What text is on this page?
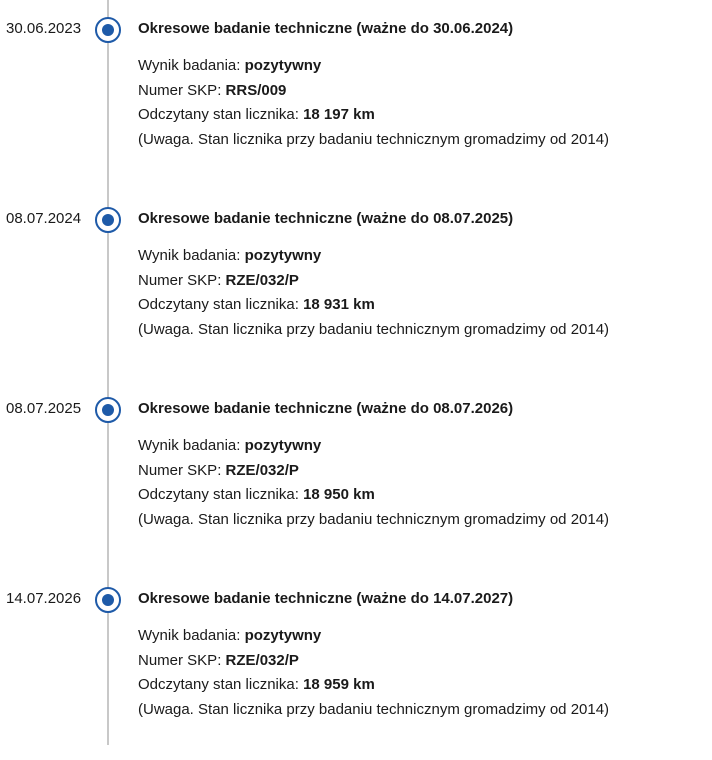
30.06.2023	Okresowe badanie techniczne (ważne do 30.06.2024)
Wynik badania: pozytywny
Numer SKP: RRS/009
Odczytany stan licznika: 18 197 km
(Uwaga. Stan licznika przy badaniu technicznym gromadzimy od 2014)
08.07.2024	Okresowe badanie techniczne (ważne do 08.07.2025)
Wynik badania: pozytywny
Numer SKP: RZE/032/P
Odczytany stan licznika: 18 931 km
(Uwaga. Stan licznika przy badaniu technicznym gromadzimy od 2014)
08.07.2025	Okresowe badanie techniczne (ważne do 08.07.2026)
Wynik badania: pozytywny
Numer SKP: RZE/032/P
Odczytany stan licznika: 18 950 km
(Uwaga. Stan licznika przy badaniu technicznym gromadzimy od 2014)
14.07.2026	Okresowe badanie techniczne (ważne do 14.07.2027)
Wynik badania: pozytywny
Numer SKP: RZE/032/P
Odczytany stan licznika: 18 959 km
(Uwaga. Stan licznika przy badaniu technicznym gromadzimy od 2014)
